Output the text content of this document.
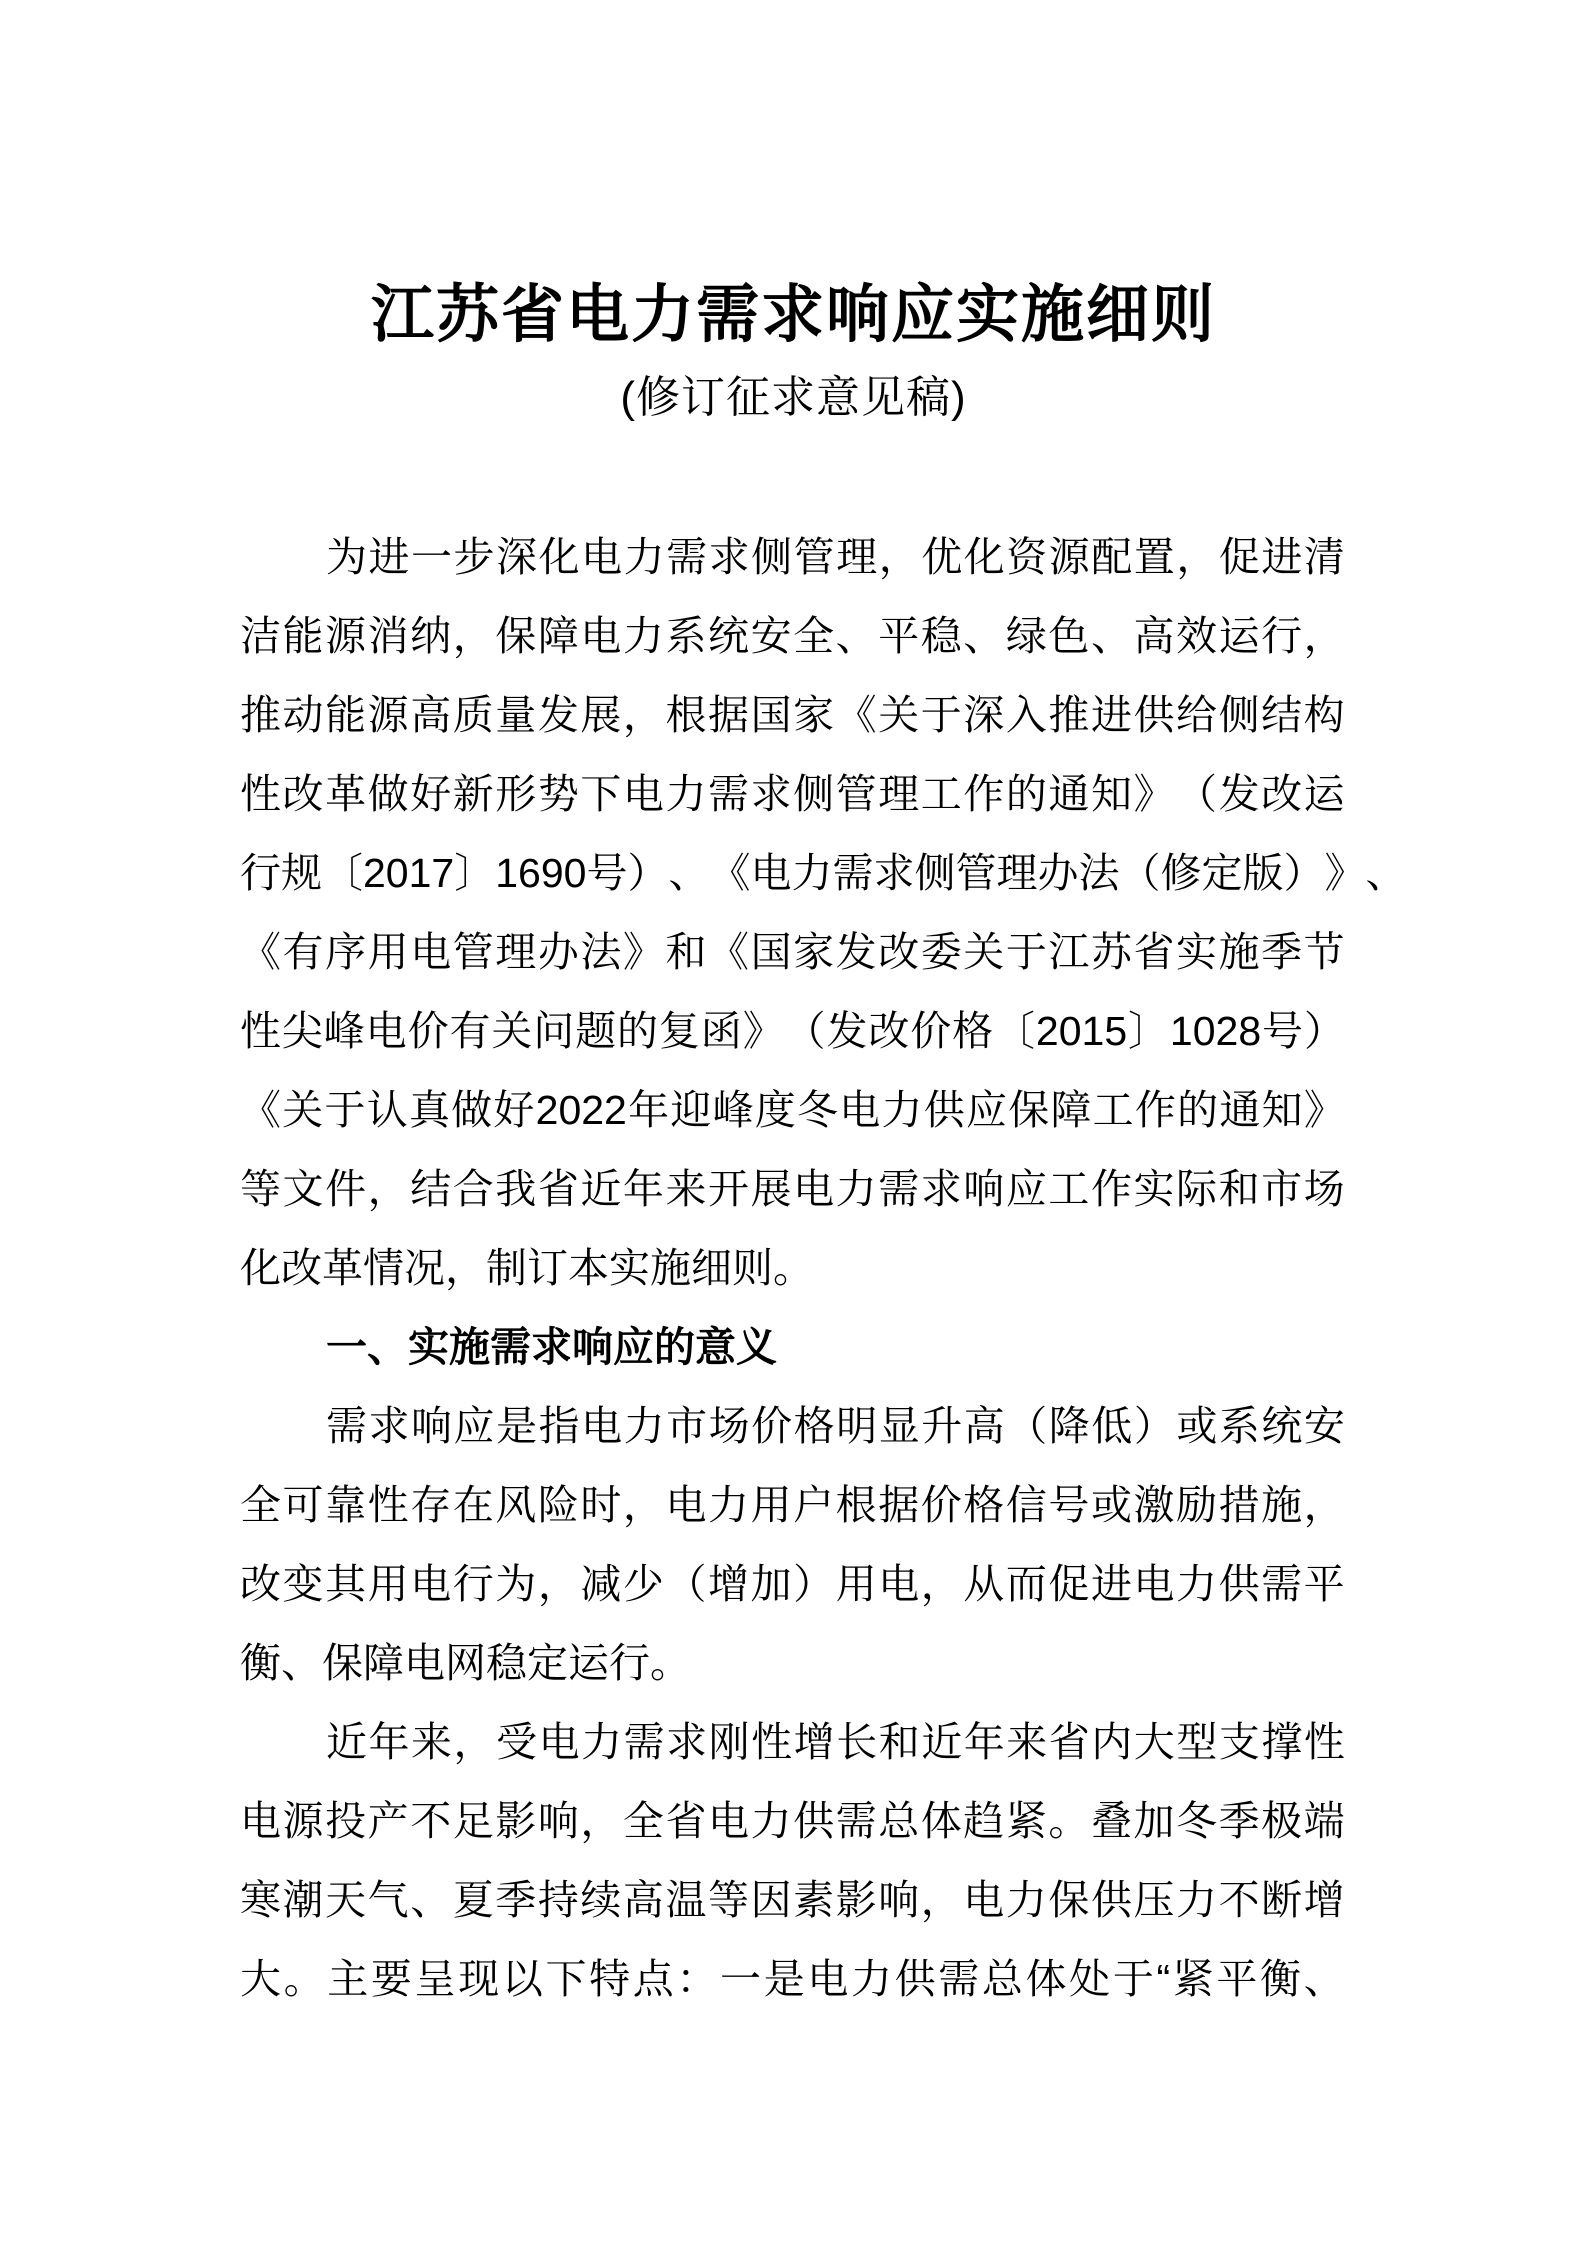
江苏省电力需求响应实施细则
(修订征求意见稿)
为 进 一 步 深 化 电 力 需 求 侧 管 理 ， 优 化 资 源 配 置 ， 促 进 清
洁 能 源 消 纳 ， 保 障 电 力 系 统 安 全 、 平 稳 、 绿 色 、 高 效 运 行 ，
推 动 能 源 高 质 量 发 展 ， 根 据 国 家 《 关 于 深 入 推 进 供 给 侧 结 构
性 改 革 做 好 新 形 势 下 电 力 需 求 侧 管 理 工 作 的 通 知 》 （ 发 改 运
行 规 〔 2017 〕 1690 号 ） 、 《 电 力 需 求 侧 管 理 办 法 （ 修 定 版 ） 》 、
《 有 序 用 电 管 理 办 法 》 和 《 国 家 发 改 委 关 于 江 苏 省 实 施 季 节
性 尖 峰 电 价 有 关 问 题 的 复 函 》 （ 发 改 价 格 〔 2015 〕 1028 号 ）
《 关 于 认 真 做 好 2022 年 迎 峰 度 冬 电 力 供 应 保 障 工 作 的 通 知 》
等 文 件 ， 结 合 我 省 近 年 来 开 展 电 力 需 求 响 应 工 作 实 际 和 市 场
化改革情况，制订本实施细则。
一、实施需求响应的意义
需 求 响 应 是 指 电 力 市 场 价 格 明 显 升 高 （ 降 低 ） 或 系 统 安
全 可 靠 性 存 在 风 险 时 ， 电 力 用 户 根 据 价 格 信 号 或 激 励 措 施 ，
改 变 其 用 电 行 为 ， 减 少 （ 增 加 ） 用 电 ， 从 而 促 进 电 力 供 需 平
衡、保障电网稳定运行。
近 年 来 ， 受 电 力 需 求 刚 性 增 长 和 近 年 来 省 内 大 型 支 撑 性
电 源 投 产 不 足 影 响 ， 全 省 电 力 供 需 总 体 趋 紧 。 叠 加 冬 季 极 端
寒 潮 天 气 、 夏 季 持 续 高 温 等 因 素 影 响 ， 电 力 保 供 压 力 不 断 增
大 。 主 要 呈 现 以 下 特 点 ： 一 是 电 力 供 需 总 体 处 于 “ 紧 平 衡 、
